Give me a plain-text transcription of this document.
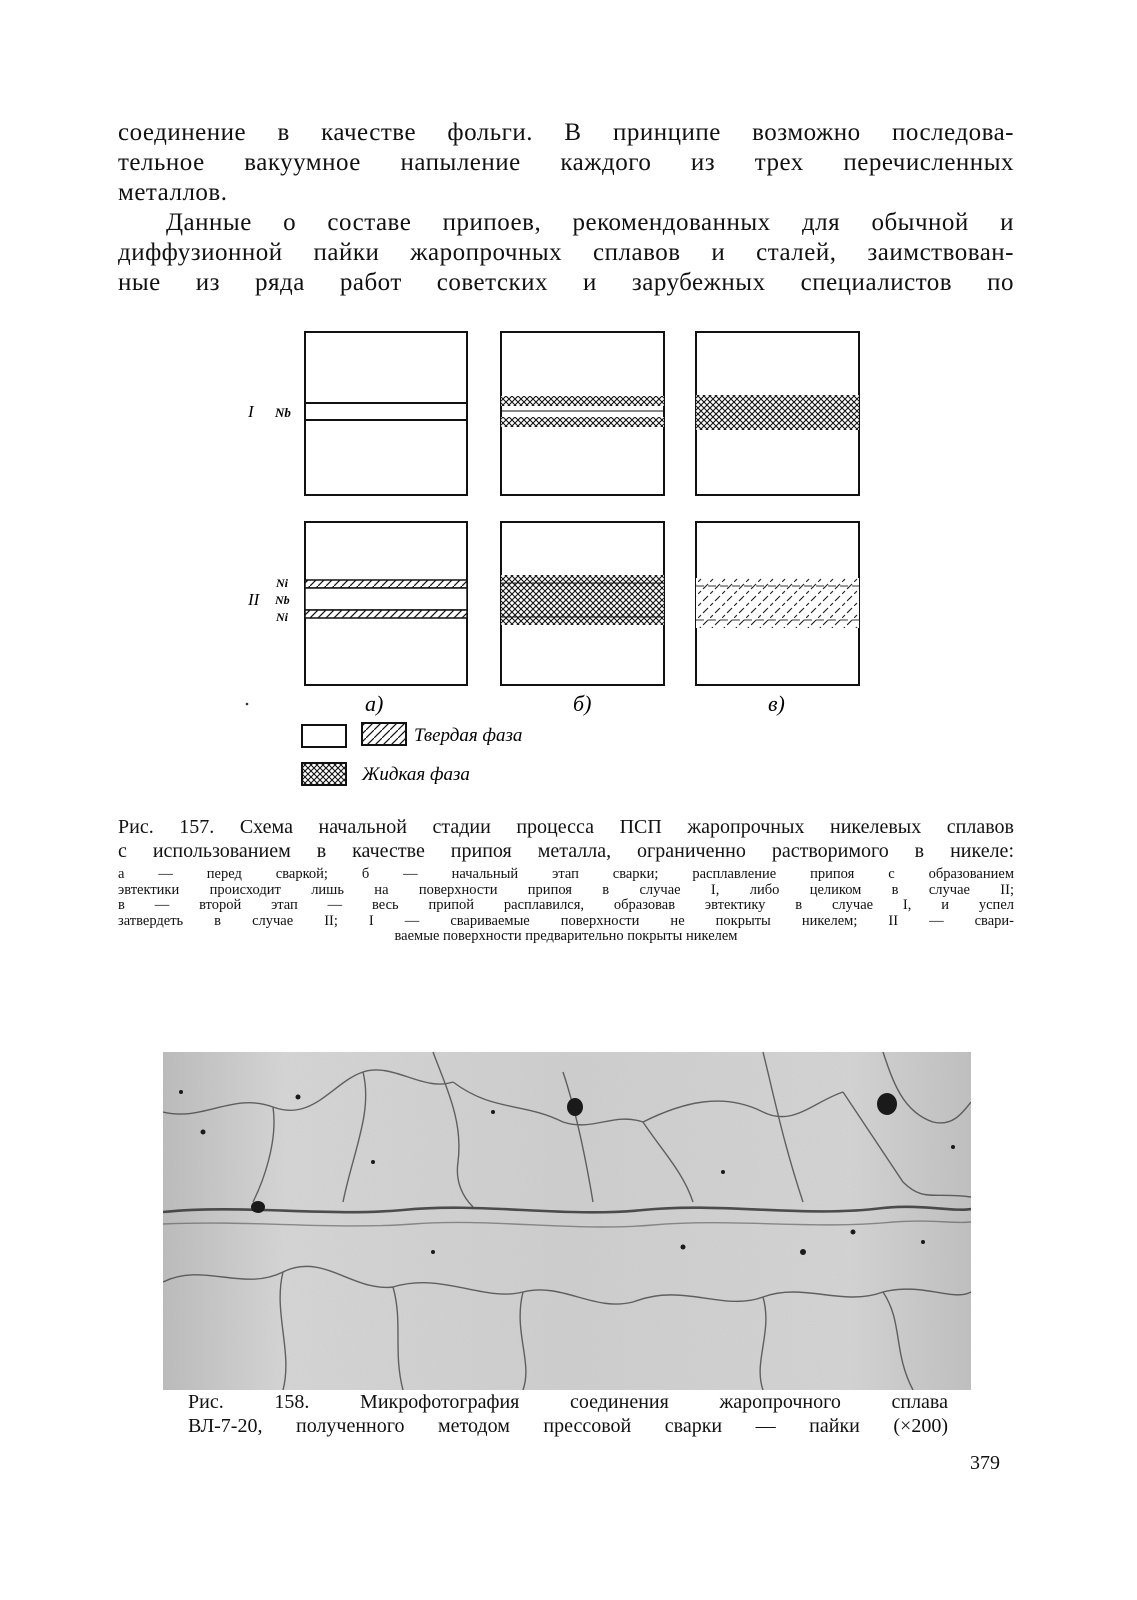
соединение в качестве фольги. В принципе возможно последова-
тельное вакуумное напыление каждого из трех перечисленных
металлов.
Данные о составе припоев, рекомендованных для обычной и
диффузионной пайки жаропрочных сплавов и сталей, заимствован-
ные из ряда работ советских и зарубежных специалистов по
I Nb
II
Ni
Nb
Ni
а)	б)	в)
Твердая фаза
Жидкая фаза
Рис. 157. Схема начальной стадии процесса ПСП жаропрочных никелевых сплавов
с использованием в качестве припоя металла, ограниченно растворимого в никеле:
а — перед сваркой; б — начальный этап сварки; расплавление припоя с образованием
эвтектики происходит лишь на поверхности припоя в случае I, либо целиком в случае II;
в — второй этап — весь припой расплавился, образовав эвтектику в случае I, и успел
затвердеть в случае II; I — свариваемые поверхности не покрыты никелем; II — свари-
ваемые поверхности предварительно покрыты никелем
Рис. 158. Микрофотография соединения жаропрочного сплава
ВЛ-7-20, полученного методом прессовой сварки — пайки (×200)
379
